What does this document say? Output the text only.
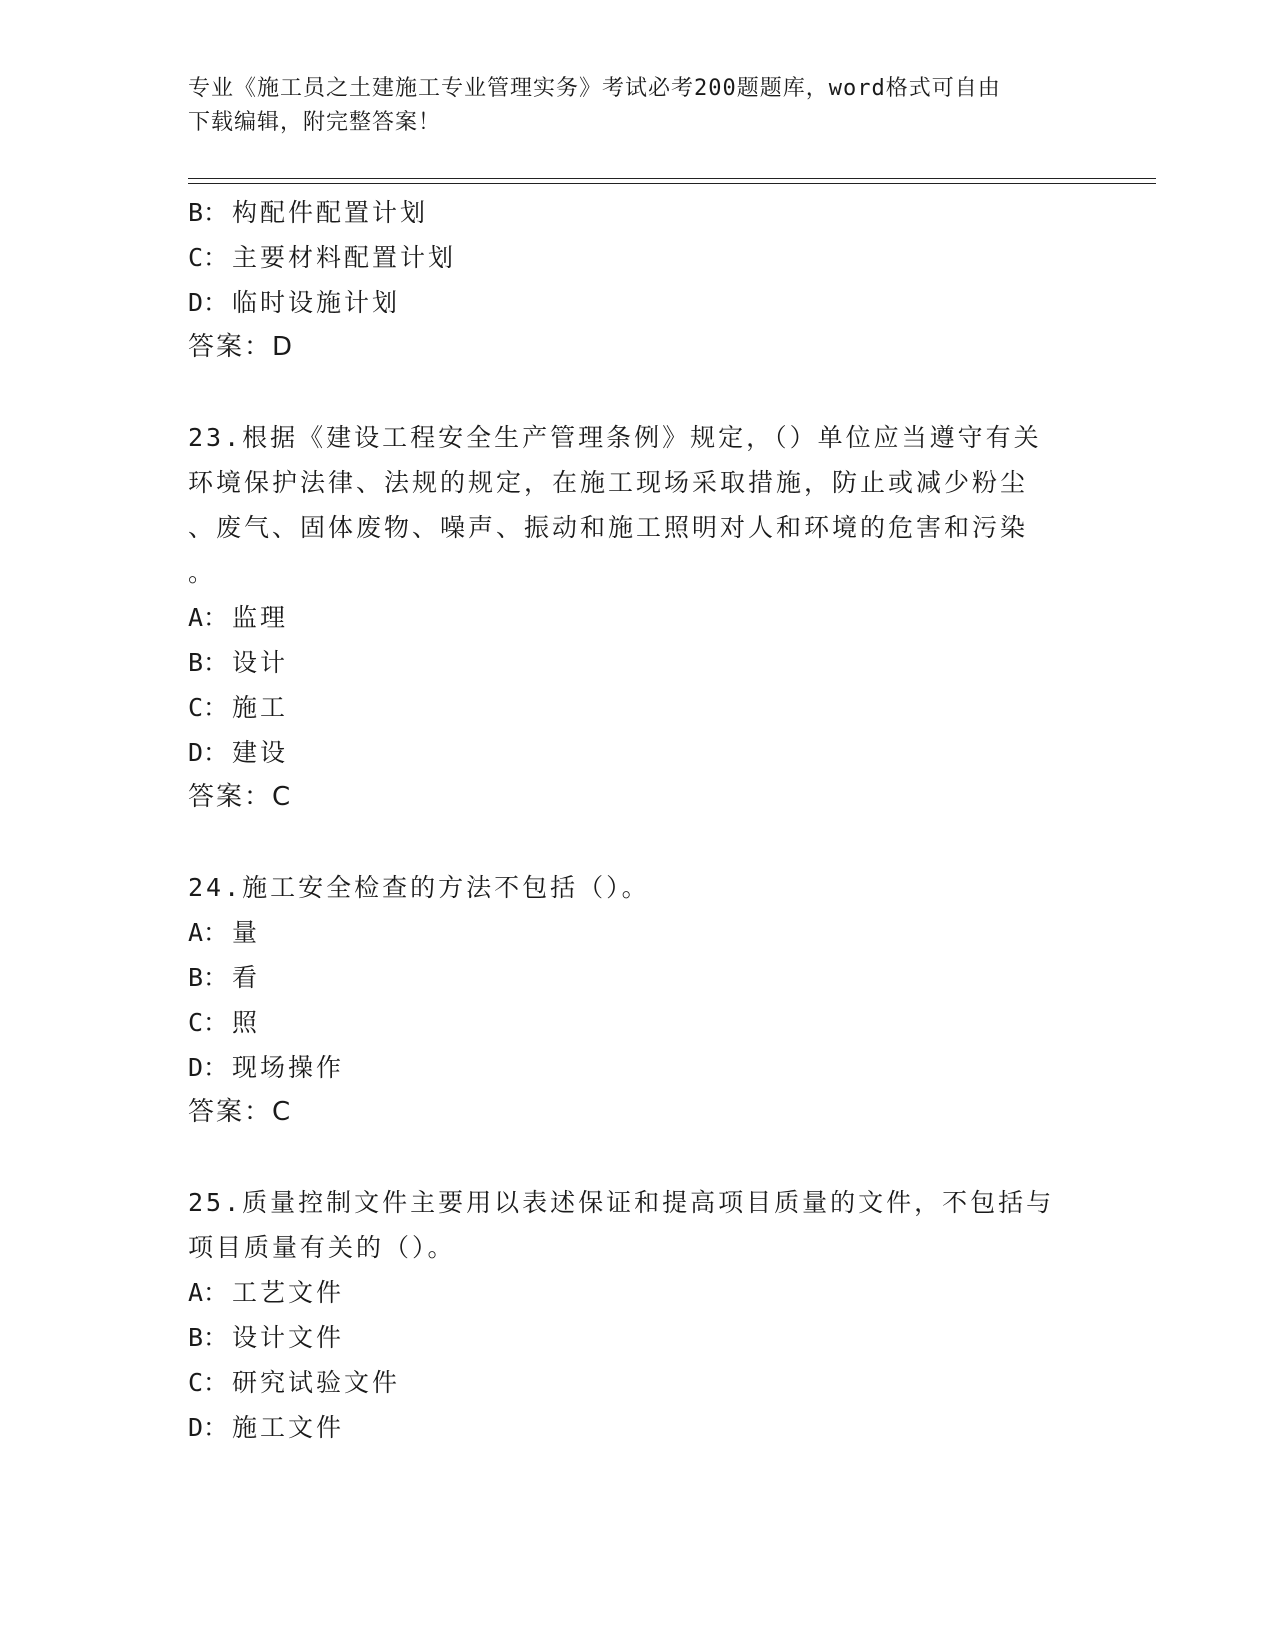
专业《施工员之土建施工专业管理实务》考试必考200题题库，word格式可自由
下载编辑，附完整答案！
B： 构配件配置计划
C： 主要材料配置计划
D： 临时设施计划
答案：D
23.根据《建设工程安全生产管理条例》规定，（）单位应当遵守有关
环境保护法律、法规的规定，在施工现场采取措施，防止或减少粉尘
、废气、固体废物、噪声、振动和施工照明对人和环境的危害和污染
。
A： 监理
B： 设计
C： 施工
D： 建设
答案：C
24.施工安全检查的方法不包括（）。
A： 量
B： 看
C： 照
D： 现场操作
答案：C
25.质量控制文件主要用以表述保证和提高项目质量的文件，不包括与
项目质量有关的（）。
A： 工艺文件
B： 设计文件
C： 研究试验文件
D： 施工文件
